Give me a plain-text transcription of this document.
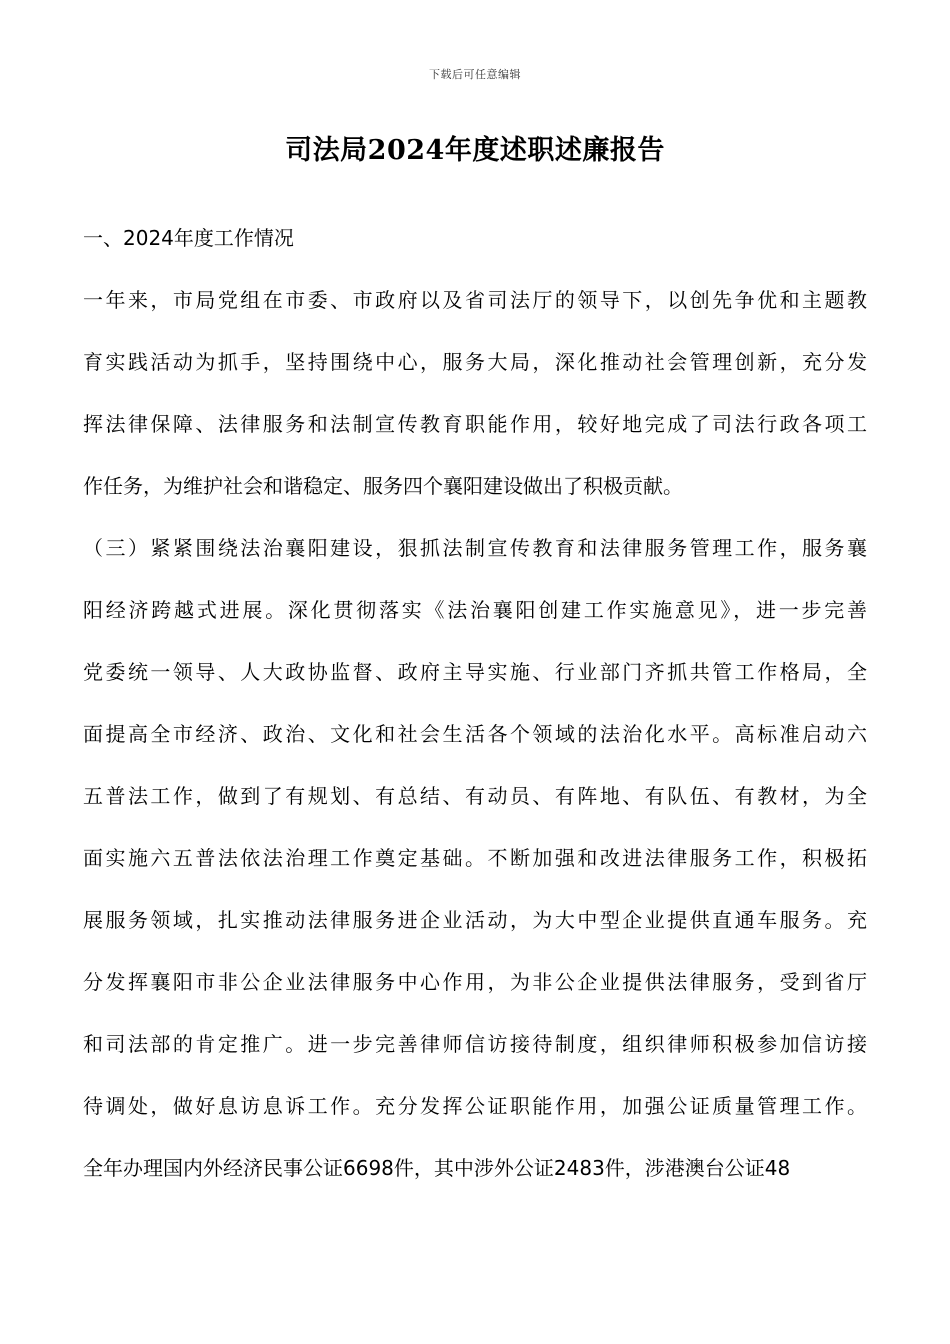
下载后可任意编辑
司法局2024年度述职述廉报告
一、2024年度工作情况
一年来，市局党组在市委、市政府以及省司法厅的领导下，以创先争优和主题教
育实践活动为抓手，坚持围绕中心，服务大局，深化推动社会管理创新，充分发
挥法律保障、法律服务和法制宣传教育职能作用，较好地完成了司法行政各项工
作任务，为维护社会和谐稳定、服务四个襄阳建设做出了积极贡献。
（三）紧紧围绕法治襄阳建设，狠抓法制宣传教育和法律服务管理工作，服务襄
阳经济跨越式进展。深化贯彻落实《法治襄阳创建工作实施意见》，进一步完善
党委统一领导、人大政协监督、政府主导实施、行业部门齐抓共管工作格局，全
面提高全市经济、政治、文化和社会生活各个领域的法治化水平。高标准启动六
五普法工作，做到了有规划、有总结、有动员、有阵地、有队伍、有教材，为全
面实施六五普法依法治理工作奠定基础。不断加强和改进法律服务工作，积极拓
展服务领域，扎实推动法律服务进企业活动，为大中型企业提供直通车服务。充
分发挥襄阳市非公企业法律服务中心作用，为非公企业提供法律服务，受到省厅
和司法部的肯定推广。进一步完善律师信访接待制度，组织律师积极参加信访接
待调处，做好息访息诉工作。充分发挥公证职能作用，加强公证质量管理工作。
全年办理国内外经济民事公证6698件，其中涉外公证2483件，涉港澳台公证48
